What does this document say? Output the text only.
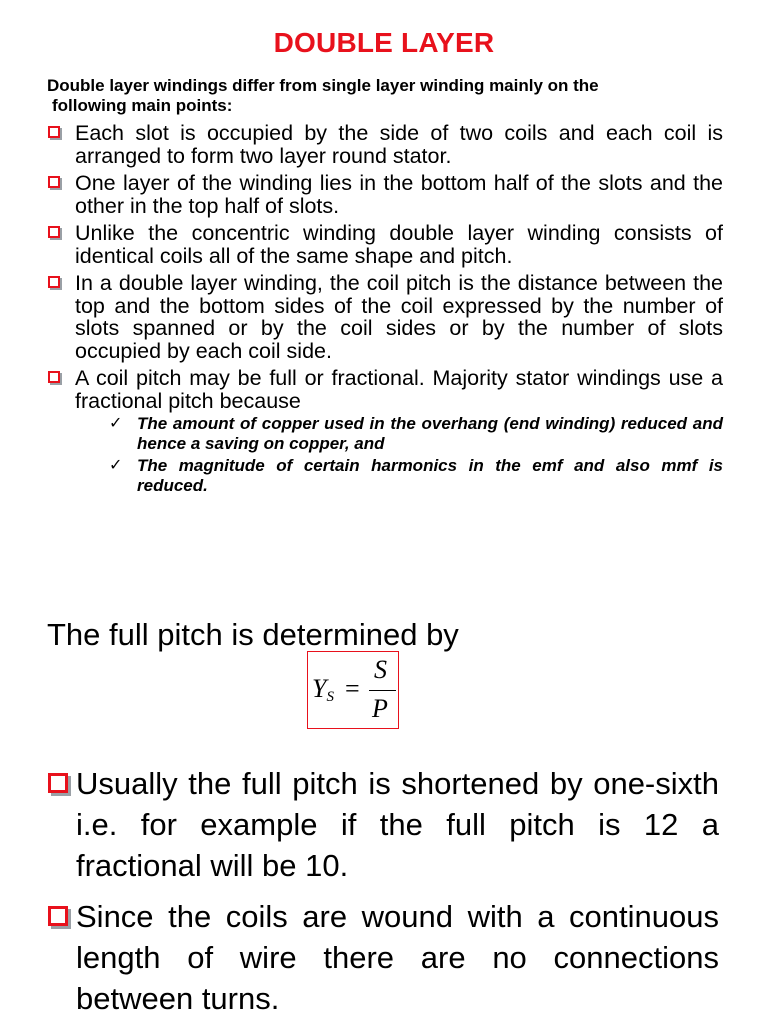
DOUBLE LAYER
Double layer windings differ from single layer winding mainly on the
following main points:
Each slot is occupied by the side of two coils and each coil is arranged to form two layer round stator.
One layer of the winding lies in the bottom half of the slots and the other in the top half of slots.
Unlike the concentric winding double layer winding consists of identical coils all of the same shape and pitch.
In a double layer winding, the coil pitch is the distance between the top and the bottom sides of the coil expressed by the number of slots spanned or by the coil sides or by the number of slots occupied by each coil side.
A coil pitch may be full or fractional. Majority stator windings use a fractional pitch because
✓ The amount of copper used in the overhang (end winding) reduced and hence a saving on copper, and
✓ The magnitude of certain harmonics in the emf and also mmf is reduced.
The full pitch is determined by
$Y_S$ =
S
P
Usually the full pitch is shortened by one-sixth i.e. for example if the full pitch is 12 a fractional will be 10.
Since the coils are wound with a continuous length of wire there are no connections between turns.
